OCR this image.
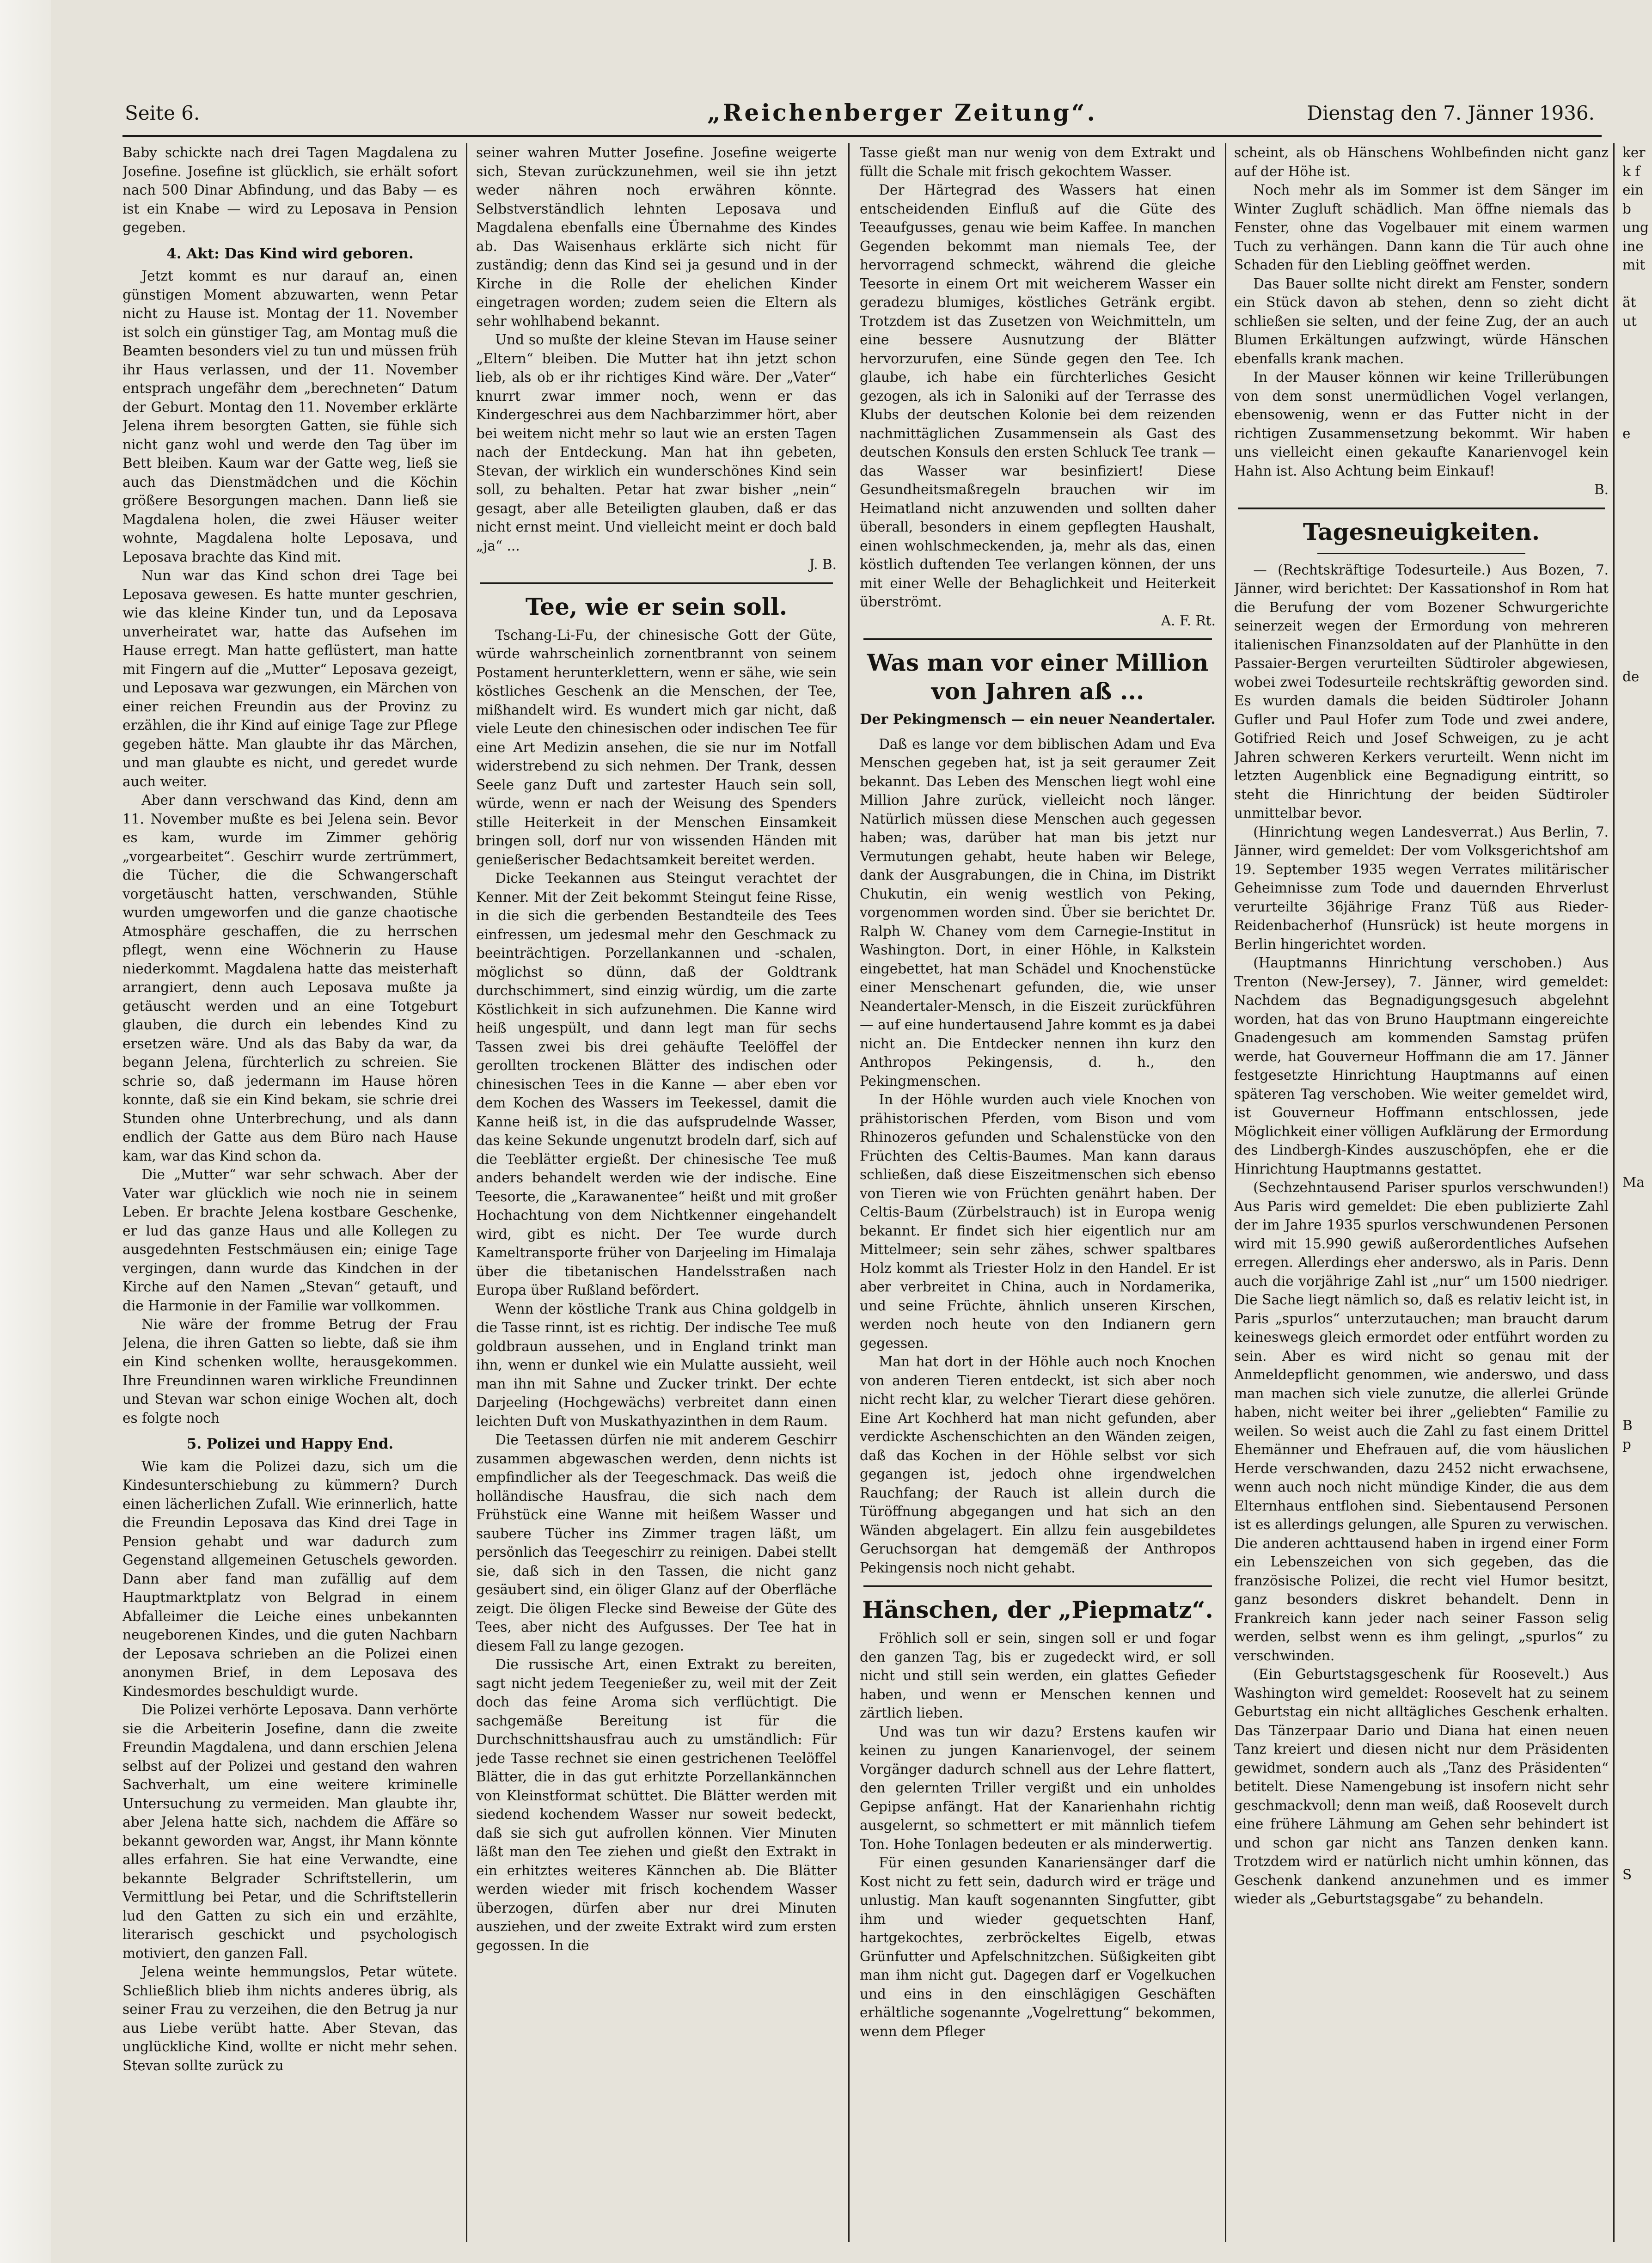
Seite 6.	„Reichenberger Zeitung“.	Dienstag den 7. Jänner 1936.

Baby schickte nach drei Tagen Magdalena zu Josefine. Josefine ist glücklich, sie erhält sofort nach 500 Dinar Abfindung, und das Baby — es ist ein Knabe — wird zu Leposava in Pension gegeben.

4. Akt: Das Kind wird geboren.

Jetzt kommt es nur darauf an, einen günstigen Moment abzuwarten, wenn Petar nicht zu Hause ist. Montag der 11. November ist solch ein günstiger Tag, am Montag muß die Beamten besonders viel zu tun und müssen früh ihr Haus verlassen, und der 11. November entsprach ungefähr dem „berechneten“ Datum der Geburt. Montag den 11. November erklärte Jelena ihrem besorgten Gatten, sie fühle sich nicht ganz wohl und werde den Tag über im Bett bleiben. Kaum war der Gatte weg, ließ sie auch das Dienstmädchen und die Köchin größere Besorgungen machen. Dann ließ sie Magdalena holen, die zwei Häuser weiter wohnte, Magdalena holte Leposava, und Leposava brachte das Kind mit.

Nun war das Kind schon drei Tage bei Leposava gewesen. Es hatte munter geschrien, wie das kleine Kinder tun, und da Leposava unverheiratet war, hatte das Aufsehen im Hause erregt. Man hatte geflüstert, man hatte mit Fingern auf die „Mutter“ Leposava gezeigt, und Leposava war gezwungen, ein Märchen von einer reichen Freundin aus der Provinz zu erzählen, die ihr Kind auf einige Tage zur Pflege gegeben hätte. Man glaubte ihr das Märchen, und man glaubte es nicht, und geredet wurde auch weiter.

Aber dann verschwand das Kind, denn am 11. November mußte es bei Jelena sein. Bevor es kam, wurde im Zimmer gehörig „vorgearbeitet“. Geschirr wurde zertrümmert, die Tücher, die die Schwangerschaft vorgetäuscht hatten, verschwanden, Stühle wurden umgeworfen und die ganze chaotische Atmosphäre geschaffen, die zu herrschen pflegt, wenn eine Wöchnerin zu Hause niederkommt. Magdalena hatte das meisterhaft arrangiert, denn auch Leposava mußte ja getäuscht werden und an eine Totgeburt glauben, die durch ein lebendes Kind zu ersetzen wäre. Und als das Baby da war, da begann Jelena, fürchterlich zu schreien. Sie schrie so, daß jedermann im Hause hören konnte, daß sie ein Kind bekam, sie schrie drei Stunden ohne Unterbrechung, und als dann endlich der Gatte aus dem Büro nach Hause kam, war das Kind schon da.

Die „Mutter“ war sehr schwach. Aber der Vater war glücklich wie noch nie in seinem Leben. Er brachte Jelena kostbare Geschenke, er lud das ganze Haus und alle Kollegen zu ausgedehnten Festschmäusen ein; einige Tage vergingen, dann wurde das Kindchen in der Kirche auf den Namen „Stevan“ getauft, und die Harmonie in der Familie war vollkommen.

Nie wäre der fromme Betrug der Frau Jelena, die ihren Gatten so liebte, daß sie ihm ein Kind schenken wollte, herausgekommen. Ihre Freundinnen waren wirkliche Freundinnen und Stevan war schon einige Wochen alt, doch es folgte noch

5. Polizei und Happy End.

Wie kam die Polizei dazu, sich um die Kindesunterschiebung zu kümmern? Durch einen lächerlichen Zufall. Wie erinnerlich, hatte die Freundin Leposava das Kind drei Tage in Pension gehabt und war dadurch zum Gegenstand allgemeinen Getuschels geworden. Dann aber fand man zufällig auf dem Hauptmarktplatz von Belgrad in einem Abfalleimer die Leiche eines unbekannten neugeborenen Kindes, und die guten Nachbarn der Leposava schrieben an die Polizei einen anonymen Brief, in dem Leposava des Kindesmordes beschuldigt wurde.

Die Polizei verhörte Leposava. Dann verhörte sie die Arbeiterin Josefine, dann die zweite Freundin Magdalena, und dann erschien Jelena selbst auf der Polizei und gestand den wahren Sachverhalt, um eine weitere kriminelle Untersuchung zu vermeiden. Man glaubte ihr, aber Jelena hatte sich, nachdem die Affäre so bekannt geworden war, Angst, ihr Mann könnte alles erfahren. Sie hat eine Verwandte, eine bekannte Belgrader Schriftstellerin, um Vermittlung bei Petar, und die Schriftstellerin lud den Gatten zu sich ein und erzählte, literarisch geschickt und psychologisch motiviert, den ganzen Fall.

Jelena weinte hemmungslos, Petar wütete. Schließlich blieb ihm nichts anderes übrig, als seiner Frau zu verzeihen, die den Betrug ja nur aus Liebe verübt hatte. Aber Stevan, das unglückliche Kind, wollte er nicht mehr sehen. Stevan sollte zurück zu

seiner wahren Mutter Josefine. Josefine weigerte sich, Stevan zurückzunehmen, weil sie ihn jetzt weder nähren noch erwähren könnte. Selbstverständlich lehnten Leposava und Magdalena ebenfalls eine Übernahme des Kindes ab. Das Waisenhaus erklärte sich nicht für zuständig; denn das Kind sei ja gesund und in der Kirche in die Rolle der ehelichen Kinder eingetragen worden; zudem seien die Eltern als sehr wohlhabend bekannt.

Und so mußte der kleine Stevan im Hause seiner „Eltern“ bleiben. Die Mutter hat ihn jetzt schon lieb, als ob er ihr richtiges Kind wäre. Der „Vater“ knurrt zwar immer noch, wenn er das Kindergeschrei aus dem Nachbarzimmer hört, aber bei weitem nicht mehr so laut wie an ersten Tagen nach der Entdeckung. Man hat ihn gebeten, Stevan, der wirklich ein wunderschönes Kind sein soll, zu behalten. Petar hat zwar bisher „nein“ gesagt, aber alle Beteiligten glauben, daß er das nicht ernst meint. Und vielleicht meint er doch bald „ja“ ...

J. B.
Tee, wie er sein soll.

Tschang-Li-Fu, der chinesische Gott der Güte, würde wahrscheinlich zornentbrannt von seinem Postament herunterklettern, wenn er sähe, wie sein köstliches Geschenk an die Menschen, der Tee, mißhandelt wird. Es wundert mich gar nicht, daß viele Leute den chinesischen oder indischen Tee für eine Art Medizin ansehen, die sie nur im Notfall widerstrebend zu sich nehmen. Der Trank, dessen Seele ganz Duft und zartester Hauch sein soll, würde, wenn er nach der Weisung des Spenders stille Heiterkeit in der Menschen Einsamkeit bringen soll, dorf nur von wissenden Händen mit genießerischer Bedachtsamkeit bereitet werden.

Dicke Teekannen aus Steingut verachtet der Kenner. Mit der Zeit bekommt Steingut feine Risse, in die sich die gerbenden Bestandteile des Tees einfressen, um jedesmal mehr den Geschmack zu beeinträchtigen. Porzellankannen und -schalen, möglichst so dünn, daß der Goldtrank durchschimmert, sind einzig würdig, um die zarte Köstlichkeit in sich aufzunehmen. Die Kanne wird heiß ungespült, und dann legt man für sechs Tassen zwei bis drei gehäufte Teelöffel der gerollten trockenen Blätter des indischen oder chinesischen Tees in die Kanne — aber eben vor dem Kochen des Wassers im Teekessel, damit die Kanne heiß ist, in die das aufsprudelnde Wasser, das keine Sekunde ungenutzt brodeln darf, sich auf die Teeblätter ergießt. Der chinesische Tee muß anders behandelt werden wie der indische. Eine Teesorte, die „Karawanentee“ heißt und mit großer Hochachtung von dem Nichtkenner eingehandelt wird, gibt es nicht. Der Tee wurde durch Kameltransporte früher von Darjeeling im Himalaja über die tibetanischen Handelsstraßen nach Europa über Rußland befördert.

Wenn der köstliche Trank aus China goldgelb in die Tasse rinnt, ist es richtig. Der indische Tee muß goldbraun aussehen, und in England trinkt man ihn, wenn er dunkel wie ein Mulatte aussieht, weil man ihn mit Sahne und Zucker trinkt. Der echte Darjeeling (Hochgewächs) verbreitet dann einen leichten Duft von Muskathyazinthen in dem Raum.

Die Teetassen dürfen nie mit anderem Geschirr zusammen abgewaschen werden, denn nichts ist empfindlicher als der Teegeschmack. Das weiß die holländische Hausfrau, die sich nach dem Frühstück eine Wanne mit heißem Wasser und saubere Tücher ins Zimmer tragen läßt, um persönlich das Teegeschirr zu reinigen. Dabei stellt sie, daß sich in den Tassen, die nicht ganz gesäubert sind, ein öliger Glanz auf der Oberfläche zeigt. Die öligen Flecke sind Beweise der Güte des Tees, aber nicht des Aufgusses. Der Tee hat in diesem Fall zu lange gezogen.

Die russische Art, einen Extrakt zu bereiten, sagt nicht jedem Teegenießer zu, weil mit der Zeit doch das feine Aroma sich verflüchtigt. Die sachgemäße Bereitung ist für die Durchschnittshausfrau auch zu umständlich: Für jede Tasse rechnet sie einen gestrichenen Teelöffel Blätter, die in das gut erhitzte Porzellankännchen von Kleinstformat schüttet. Die Blätter werden mit siedend kochendem Wasser nur soweit bedeckt, daß sie sich gut aufrollen können. Vier Minuten läßt man den Tee ziehen und gießt den Extrakt in ein erhitztes weiteres Kännchen ab. Die Blätter werden wieder mit frisch kochendem Wasser überzogen, dürfen aber nur drei Minuten ausziehen, und der zweite Extrakt wird zum ersten gegossen. In die

Tasse gießt man nur wenig von dem Extrakt und füllt die Schale mit frisch gekochtem Wasser.

Der Härtegrad des Wassers hat einen entscheidenden Einfluß auf die Güte des Teeaufgusses, genau wie beim Kaffee. In manchen Gegenden bekommt man niemals Tee, der hervorragend schmeckt, während die gleiche Teesorte in einem Ort mit weicherem Wasser ein geradezu blumiges, köstliches Getränk ergibt. Trotzdem ist das Zusetzen von Weichmitteln, um eine bessere Ausnutzung der Blätter hervorzurufen, eine Sünde gegen den Tee. Ich glaube, ich habe ein fürchterliches Gesicht gezogen, als ich in Saloniki auf der Terrasse des Klubs der deutschen Kolonie bei dem reizenden nachmittäglichen Zusammensein als Gast des deutschen Konsuls den ersten Schluck Tee trank — das Wasser war besinfiziert! Diese Gesundheitsmaßregeln brauchen wir im Heimatland nicht anzuwenden und sollten daher überall, besonders in einem gepflegten Haushalt, einen wohlschmeckenden, ja, mehr als das, einen köstlich duftenden Tee verlangen können, der uns mit einer Welle der Behaglichkeit und Heiterkeit überströmt.

A. F. Rt.
Was man vor einer Million von Jahren aß ...
Der Pekingmensch — ein neuer Neandertaler.

Daß es lange vor dem biblischen Adam und Eva Menschen gegeben hat, ist ja seit geraumer Zeit bekannt. Das Leben des Menschen liegt wohl eine Million Jahre zurück, vielleicht noch länger. Natürlich müssen diese Menschen auch gegessen haben; was, darüber hat man bis jetzt nur Vermutungen gehabt, heute haben wir Belege, dank der Ausgrabungen, die in China, im Distrikt Chukutin, ein wenig westlich von Peking, vorgenommen worden sind. Über sie berichtet Dr. Ralph W. Chaney vom dem Carnegie-Institut in Washington. Dort, in einer Höhle, in Kalkstein eingebettet, hat man Schädel und Knochenstücke einer Menschenart gefunden, die, wie unser Neandertaler-Mensch, in die Eiszeit zurückführen — auf eine hundertausend Jahre kommt es ja dabei nicht an. Die Entdecker nennen ihn kurz den Anthropos Pekingensis, d. h., den Pekingmenschen.

In der Höhle wurden auch viele Knochen von prähistorischen Pferden, vom Bison und vom Rhinozeros gefunden und Schalenstücke von den Früchten des Celtis-Baumes. Man kann daraus schließen, daß diese Eiszeitmenschen sich ebenso von Tieren wie von Früchten genährt haben. Der Celtis-Baum (Zürbelstrauch) ist in Europa wenig bekannt. Er findet sich hier eigentlich nur am Mittelmeer; sein sehr zähes, schwer spaltbares Holz kommt als Triester Holz in den Handel. Er ist aber verbreitet in China, auch in Nordamerika, und seine Früchte, ähnlich unseren Kirschen, werden noch heute von den Indianern gern gegessen.

Man hat dort in der Höhle auch noch Knochen von anderen Tieren entdeckt, ist sich aber noch nicht recht klar, zu welcher Tierart diese gehören. Eine Art Kochherd hat man nicht gefunden, aber verdickte Aschenschichten an den Wänden zeigen, daß das Kochen in der Höhle selbst vor sich gegangen ist, jedoch ohne irgendwelchen Rauchfang; der Rauch ist allein durch die Türöffnung abgegangen und hat sich an den Wänden abgelagert. Ein allzu fein ausgebildetes Geruchsorgan hat demgemäß der Anthropos Pekingensis noch nicht gehabt.

Hänschen, der „Piepmatz“.

Fröhlich soll er sein, singen soll er und fogar den ganzen Tag, bis er zugedeckt wird, er soll nicht und still sein werden, ein glattes Gefieder haben, und wenn er Menschen kennen und zärtlich lieben.

Und was tun wir dazu? Erstens kaufen wir keinen zu jungen Kanarienvogel, der seinem Vorgänger dadurch schnell aus der Lehre flattert, den gelernten Triller vergißt und ein unholdes Gepipse anfängt. Hat der Kanarienhahn richtig ausgelernt, so schmettert er mit männlich tiefem Ton. Hohe Tonlagen bedeuten er als minderwertig.

Für einen gesunden Kanariensänger darf die Kost nicht zu fett sein, dadurch wird er träge und unlustig. Man kauft sogenannten Singfutter, gibt ihm und wieder gequetschten Hanf, hartgekochtes, zerbröckeltes Eigelb, etwas Grünfutter und Apfelschnitzchen. Süßigkeiten gibt man ihm nicht gut. Dagegen darf er Vogelkuchen und eins in den einschlägigen Geschäften erhältliche sogenannte „Vogelrettung“ bekommen, wenn dem Pfleger

scheint, als ob Hänschens Wohlbefinden nicht ganz auf der Höhe ist.

Noch mehr als im Sommer ist dem Sänger im Winter Zugluft schädlich. Man öffne niemals das Fenster, ohne das Vogelbauer mit einem warmen Tuch zu verhängen. Dann kann die Tür auch ohne Schaden für den Liebling geöffnet werden.

Das Bauer sollte nicht direkt am Fenster, sondern ein Stück davon ab stehen, denn so zieht dicht schließen sie selten, und der feine Zug, der an auch Blumen Erkältungen aufzwingt, würde Hänschen ebenfalls krank machen.

In der Mauser können wir keine Trillerübungen von dem sonst unermüdlichen Vogel verlangen, ebensowenig, wenn er das Futter nicht in der richtigen Zusammensetzung bekommt. Wir haben uns vielleicht einen gekaufte Kanarienvogel kein Hahn ist. Also Achtung beim Einkauf!

B.
Tagesneuigkeiten.

— (Rechtskräftige Todesurteile.) Aus Bozen, 7. Jänner, wird berichtet: Der Kassationshof in Rom hat die Berufung der vom Bozener Schwurgerichte seinerzeit wegen der Ermordung von mehreren italienischen Finanzsoldaten auf der Planhütte in den Passaier-Bergen verurteilten Südtiroler abgewiesen, wobei zwei Todesurteile rechtskräftig geworden sind. Es wurden damals die beiden Südtiroler Johann Gufler und Paul Hofer zum Tode und zwei andere, Gotifried Reich und Josef Schweigen, zu je acht Jahren schweren Kerkers verurteilt. Wenn nicht im letzten Augenblick eine Begnadigung eintritt, so steht die Hinrichtung der beiden Südtiroler unmittelbar bevor.

(Hinrichtung wegen Landesverrat.) Aus Berlin, 7. Jänner, wird gemeldet: Der vom Volksgerichtshof am 19. September 1935 wegen Verrates militärischer Geheimnisse zum Tode und dauernden Ehrverlust verurteilte 36jährige Franz Tüß aus Rieder-Reidenbacherhof (Hunsrück) ist heute morgens in Berlin hingerichtet worden.

(Hauptmanns Hinrichtung verschoben.) Aus Trenton (New-Jersey), 7. Jänner, wird gemeldet: Nachdem das Begnadigungsgesuch abgelehnt worden, hat das von Bruno Hauptmann eingereichte Gnadengesuch am kommenden Samstag prüfen werde, hat Gouverneur Hoffmann die am 17. Jänner festgesetzte Hinrichtung Hauptmanns auf einen späteren Tag verschoben. Wie weiter gemeldet wird, ist Gouverneur Hoffmann entschlossen, jede Möglichkeit einer völligen Aufklärung der Ermordung des Lindbergh-Kindes auszuschöpfen, ehe er die Hinrichtung Hauptmanns gestattet.

(Sechzehntausend Pariser spurlos verschwunden!) Aus Paris wird gemeldet: Die eben publizierte Zahl der im Jahre 1935 spurlos verschwundenen Personen wird mit 15.990 gewiß außerordentliches Aufsehen erregen. Allerdings eher anderswo, als in Paris. Denn auch die vorjährige Zahl ist „nur“ um 1500 niedriger. Die Sache liegt nämlich so, daß es relativ leicht ist, in Paris „spurlos“ unterzutauchen; man braucht darum keineswegs gleich ermordet oder entführt worden zu sein. Aber es wird nicht so genau mit der Anmeldepflicht genommen, wie anderswo, und dass man machen sich viele zunutze, die allerlei Gründe haben, nicht weiter bei ihrer „geliebten“ Familie zu weilen. So weist auch die Zahl zu fast einem Drittel Ehemänner und Ehefrauen auf, die vom häuslichen Herde verschwanden, dazu 2452 nicht erwachsene, wenn auch noch nicht mündige Kinder, die aus dem Elternhaus entflohen sind. Siebentausend Personen ist es allerdings gelungen, alle Spuren zu verwischen. Die anderen achttausend haben in irgend einer Form ein Lebenszeichen von sich gegeben, das die französische Polizei, die recht viel Humor besitzt, ganz besonders diskret behandelt. Denn in Frankreich kann jeder nach seiner Fasson selig werden, selbst wenn es ihm gelingt, „spurlos“ zu verschwinden.

(Ein Geburtstagsgeschenk für Roosevelt.) Aus Washington wird gemeldet: Roosevelt hat zu seinem Geburtstag ein nicht alltägliches Geschenk erhalten. Das Tänzerpaar Dario und Diana hat einen neuen Tanz kreiert und diesen nicht nur dem Präsidenten gewidmet, sondern auch als „Tanz des Präsidenten“ betitelt. Diese Namengebung ist insofern nicht sehr geschmackvoll; denn man weiß, daß Roosevelt durch eine frühere Lähmung am Gehen sehr behindert ist und schon gar nicht ans Tanzen denken kann. Trotzdem wird er natürlich nicht umhin können, das Geschenk dankend anzunehmen und es immer wieder als „Geburtstagsgabe“ zu behandeln.

ker
k f
ein
b
ung
ine
mit
ät
ut
e
de
Ma
B
p
S
